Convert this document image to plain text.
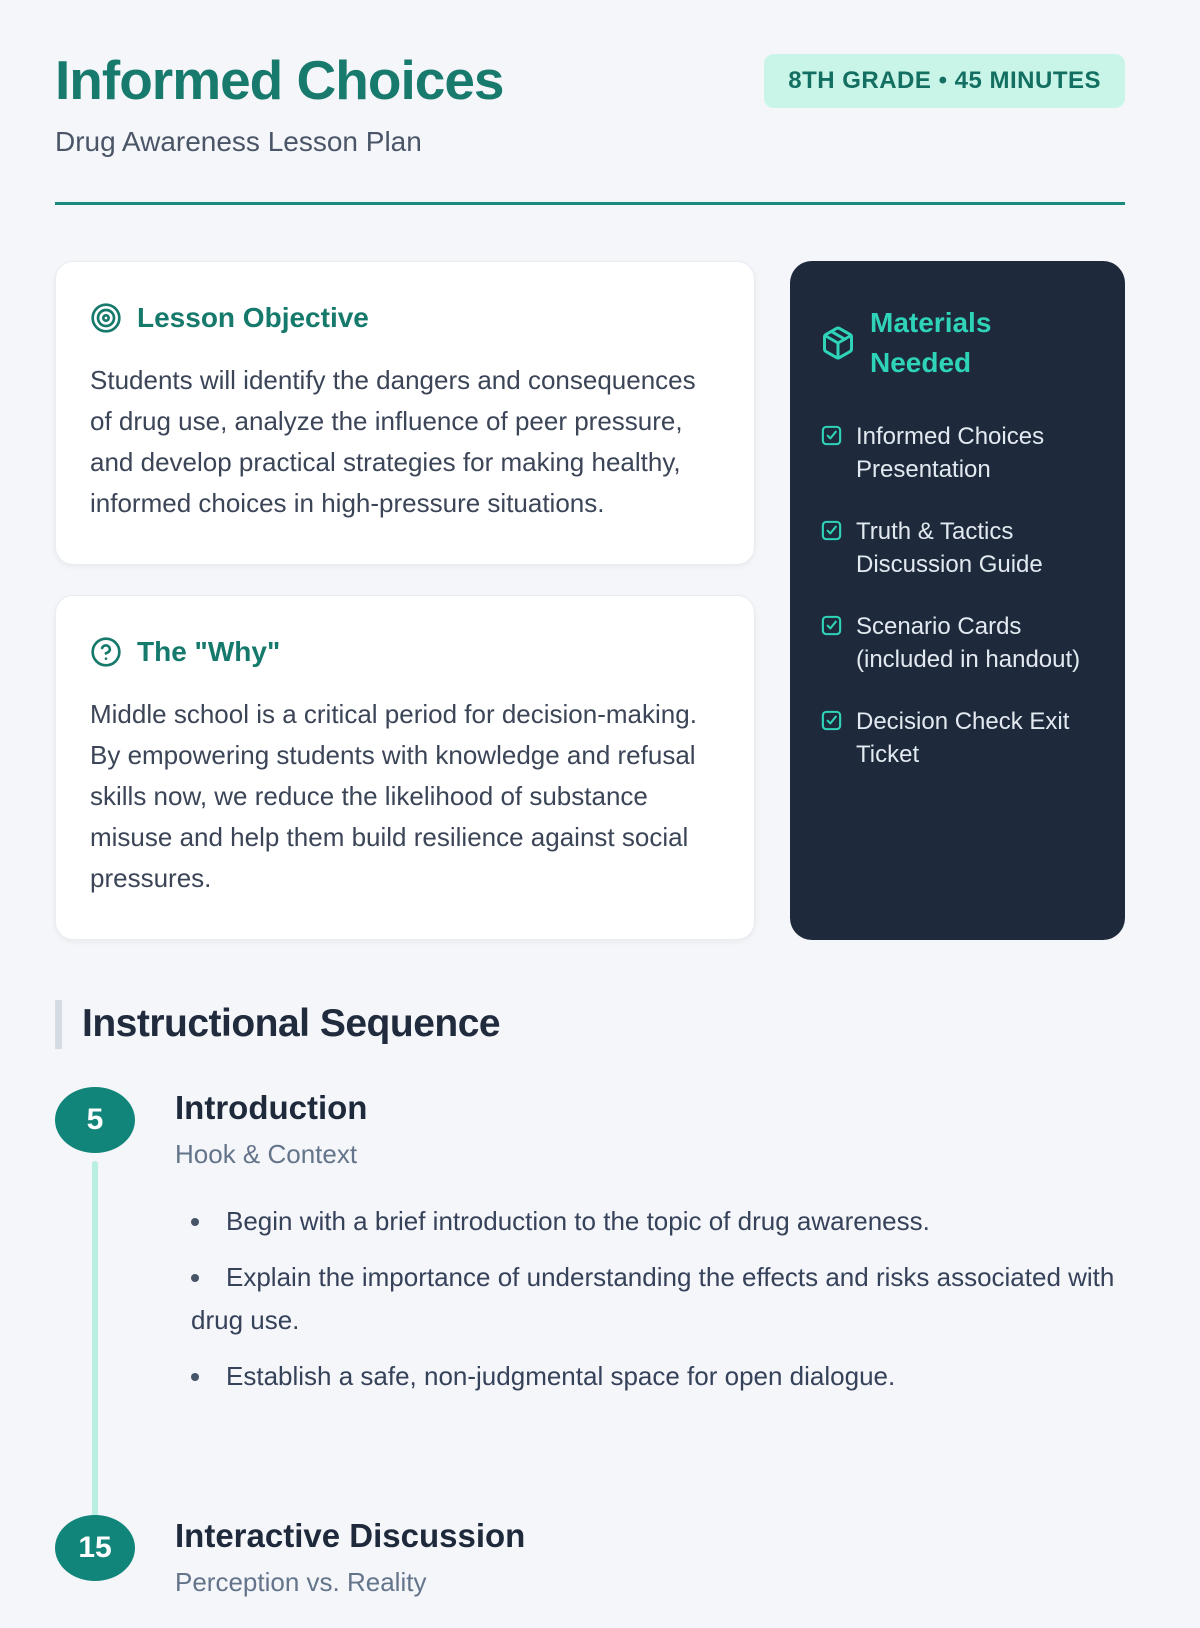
Informed Choices	8TH GRADE • 45 MINUTES
Drug Awareness Lesson Plan
Lesson Objective

Students will identify the dangers and consequences of drug use, analyze the influence of peer pressure, and develop practical strategies for making healthy, informed choices in high-pressure situations.

The "Why"

Middle school is a critical period for decision-making. By empowering students with knowledge and refusal skills now, we reduce the likelihood of substance misuse and help them build resilience against social pressures.

Materials Needed
Informed Choices Presentation
Truth & Tactics Discussion Guide
Scenario Cards (included in handout)
Decision Check Exit Ticket
Instructional Sequence
5	Introduction
Hook & Context
• Begin with a brief introduction to the topic of drug awareness.
• Explain the importance of understanding the effects and risks associated with drug use.
• Establish a safe, non-judgmental space for open dialogue.
15	Interactive Discussion
Perception vs. Reality
